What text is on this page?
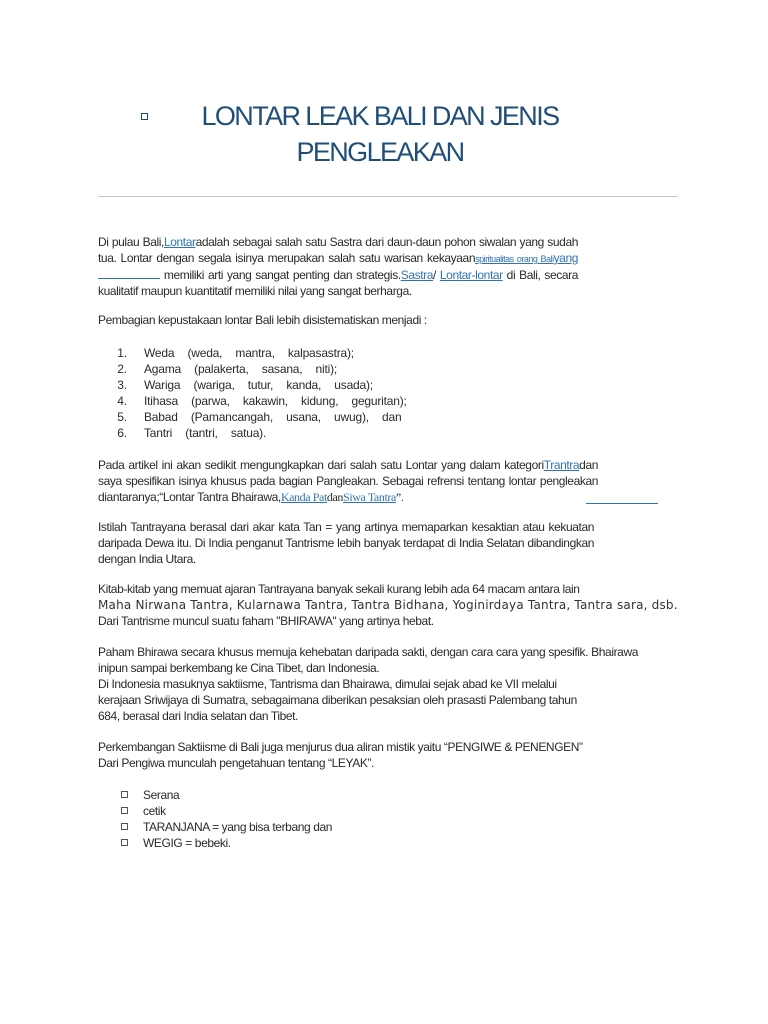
LONTAR LEAK BALI DAN JENIS
PENGLEAKAN
Di pulau Bali,Lontaradalah sebagai salah satu Sastra dari daun-daun pohon siwalan yang sudah tua. Lontar dengan segala isinya merupakan salah satu warisan kekayaanspiritualitas orang Baliyang memiliki arti yang sangat penting dan strategis.Sastra/ Lontar-lontar di Bali, secara kualitatif maupun kuantitatif memiliki nilai yang sangat berharga.
Pembagian kepustakaan lontar Bali lebih disistematiskan menjadi :
1. Weda (weda, mantra, kalpasastra);
2. Agama (palakerta, sasana, niti);
3. Wariga (wariga, tutur, kanda, usada);
4. Itihasa (parwa, kakawin, kidung, geguritan);
5. Babad (Pamancangah, usana, uwug), dan
6. Tantri (tantri, satua).
Pada artikel ini akan sedikit mengungkapkan dari salah satu Lontar yang dalam kategoriTrantradan saya spesifikan isinya khusus pada bagian Pangleakan. Sebagai refrensi tentang lontar pengleakan diantaranya;“Lontar Tantra Bhairawa,Kanda PatdanSiwa Tantra”.
Istilah Tantrayana berasal dari akar kata Tan = yang artinya memaparkan kesaktian atau kekuatan daripada Dewa itu. Di India penganut Tantrisme lebih banyak terdapat di India Selatan dibandingkan dengan India Utara.
Kitab-kitab yang memuat ajaran Tantrayana banyak sekali kurang lebih ada 64 macam antara lain
Maha Nirwana Tantra, Kularnawa Tantra, Tantra Bidhana, Yoginirdaya Tantra, Tantra sara, dsb.
Dari Tantrisme muncul suatu faham "BHIRAWA" yang artinya hebat.
Paham Bhirawa secara khusus memuja kehebatan daripada sakti, dengan cara cara yang spesifik. Bhairawa inipun sampai berkembang ke Cina Tibet, dan Indonesia.
Di Indonesia masuknya saktiisme, Tantrisma dan Bhairawa, dimulai sejak abad ke VII melalui kerajaan Sriwijaya di Sumatra, sebagaimana diberikan pesaksian oleh prasasti Palembang tahun 684, berasal dari India selatan dan Tibet.
Perkembangan Saktiisme di Bali juga menjurus dua aliran mistik yaitu “PENGIWE & PENENGEN”
Dari Pengiwa munculah pengetahuan tentang “LEYAK”.
Serana
cetik
TARANJANA = yang bisa terbang dan
WEGIG = bebeki.
